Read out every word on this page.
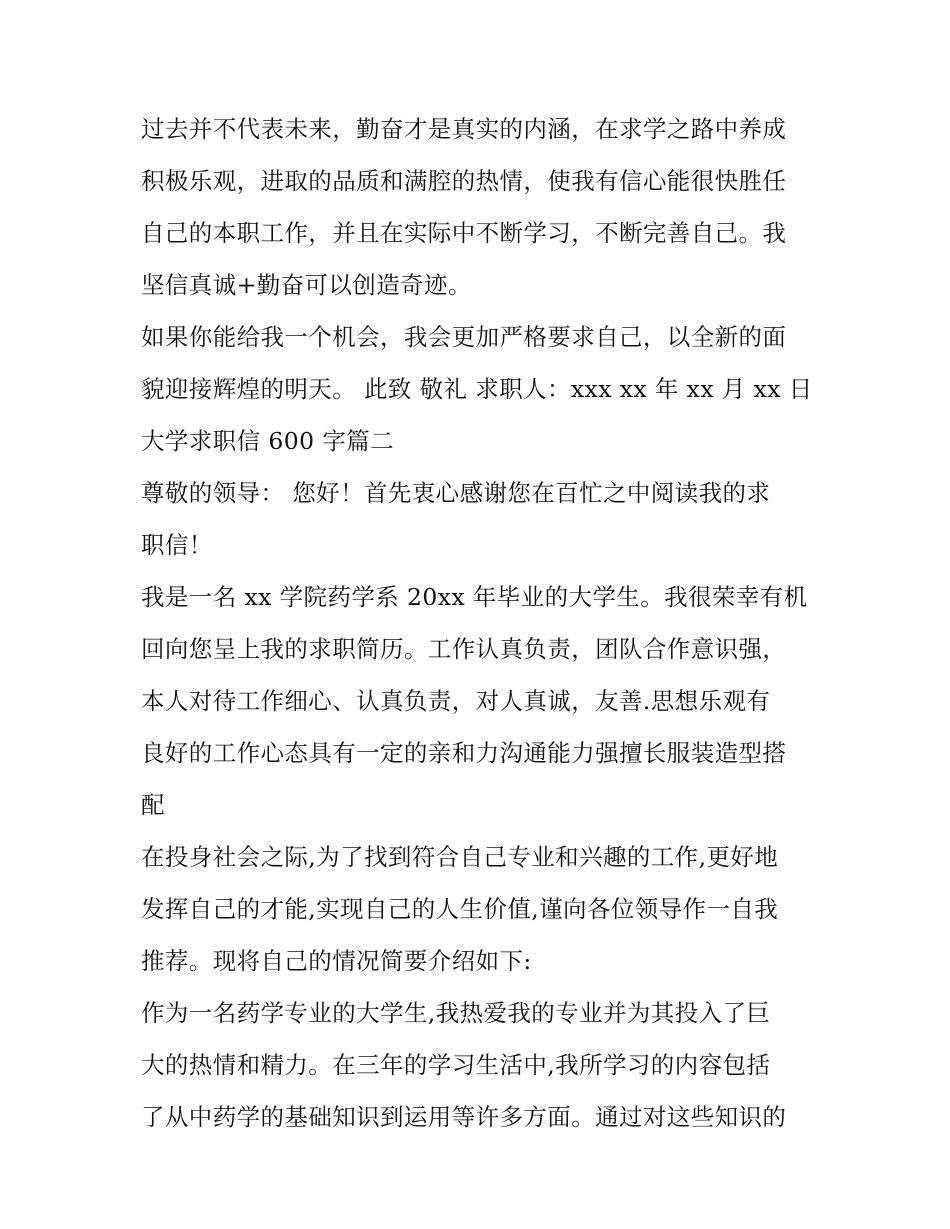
过去并不代表未来，勤奋才是真实的内涵，在求学之路中养成
积极乐观，进取的品质和满腔的热情，使我有信心能很快胜任
自己的本职工作，并且在实际中不断学习，不断完善自己。我
坚信真诚+勤奋可以创造奇迹。
如果你能给我一个机会，我会更加严格要求自己，以全新的面
貌迎接辉煌的明天。 此致 敬礼 求职人：xxx xx 年 xx 月 xx 日
大学求职信 600 字篇二
尊敬的领导： 您好！首先衷心感谢您在百忙之中阅读我的求
职信！
我是一名 xx 学院药学系 20xx 年毕业的大学生。我很荣幸有机
回向您呈上我的求职简历。工作认真负责，团队合作意识强，
本人对待工作细心、认真负责，对人真诚，友善.思想乐观有
良好的工作心态具有一定的亲和力沟通能力强擅长服装造型搭
配
在投身社会之际,为了找到符合自己专业和兴趣的工作,更好地
发挥自己的才能,实现自己的人生价值,谨向各位领导作一自我
推荐。现将自己的情况简要介绍如下:
作为一名药学专业的大学生,我热爱我的专业并为其投入了巨
大的热情和精力。在三年的学习生活中,我所学习的内容包括
了从中药学的基础知识到运用等许多方面。通过对这些知识的
